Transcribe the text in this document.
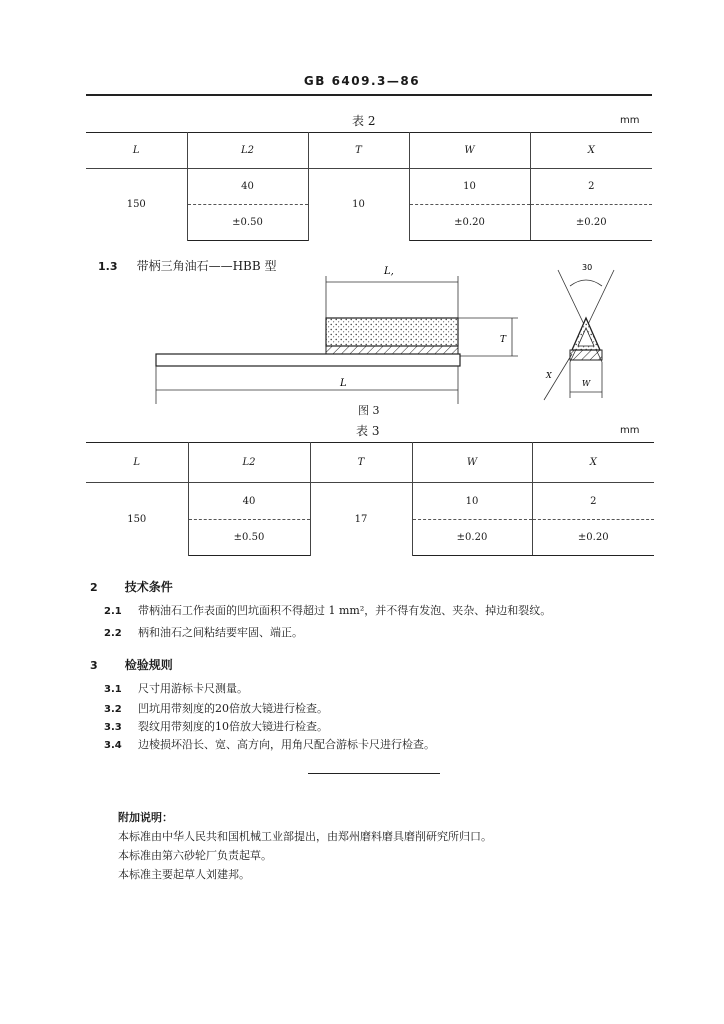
GB 6409.3—86
表 2	mm
L	L2	T	W	X
150	40	10	10	2
	±0.50		±0.20	±0.20
1.3 带柄三角油石——HBB 型	L,
T
L
30
W
X
图 3
表 3	mm
L	L2	T	W	X
150	40	17	10	2
	±0.50		±0.20	±0.20
2 技术条件
2.1 带柄油石工作表面的凹坑面积不得超过 1 mm²，并不得有发泡、夹杂、掉边和裂纹。
2.2 柄和油石之间粘结要牢固、端正。
3 检验规则
3.1 尺寸用游标卡尺测量。
3.2 凹坑用带刻度的20倍放大镜进行检查。
3.3 裂纹用带刻度的10倍放大镜进行检查。
3.4 边棱损坏沿长、宽、高方向，用角尺配合游标卡尺进行检查。
附加说明：
本标准由中华人民共和国机械工业部提出，由郑州磨料磨具磨削研究所归口。
本标准由第六砂轮厂负责起草。
本标准主要起草人刘建邦。
